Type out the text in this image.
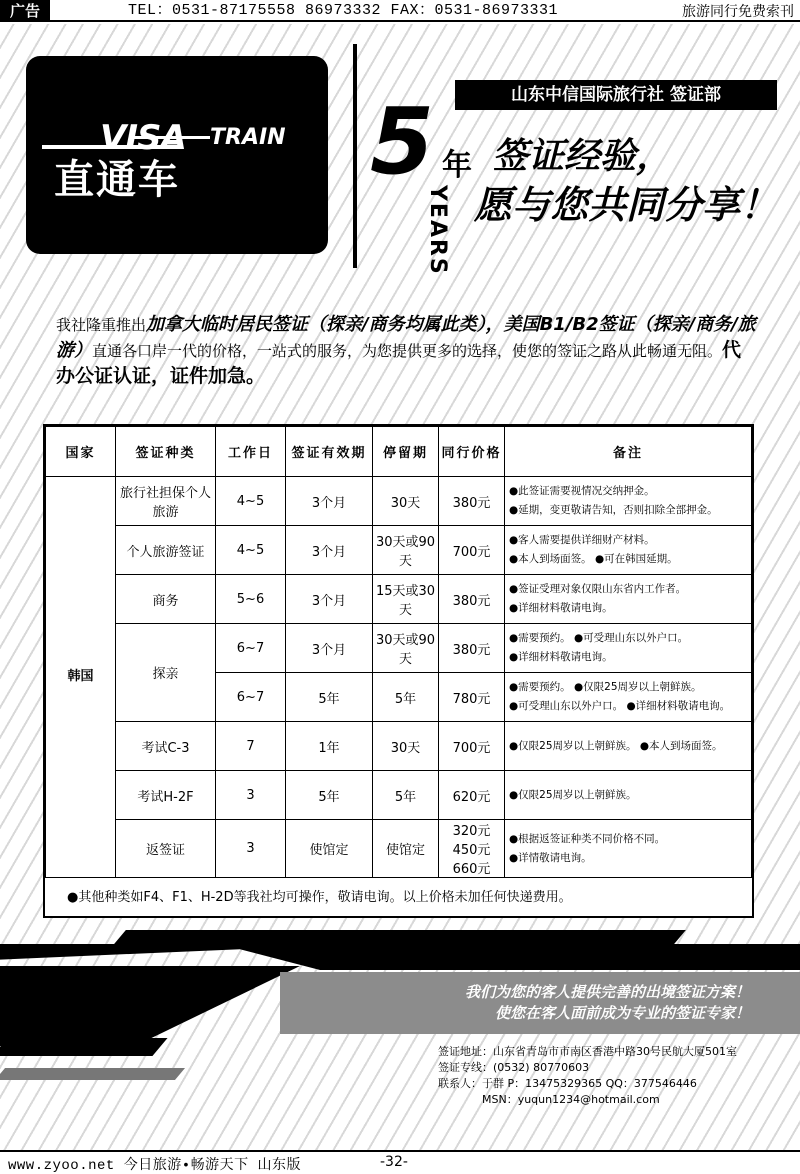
广告	TEL：0531-87175558 86973332 FAX：0531-86973331	旅游同行免费索刊
VISA TRAIN
直通车
山东中信国际旅行社 签证部
5 年
YEARS
签证经验，
愿与您共同分享！
我社隆重推出加拿大临时居民签证（探亲/商务均属此类），美国B1/B2签证（探亲/商务/旅游）直通各口岸一代的价格，一站式的服务，为您提供更多的选择，使您的签证之路从此畅通无阻。代办公证认证，证件加急。
国家	签证种类	工作日	签证有效期	停留期	同行价格	备注
韩国	旅行社担保个人旅游	4~5	3个月	30天	380元	●此签证需要视情况交纳押金。
●延期，变更敬请告知，否则扣除全部押金。

	个人旅游签证	4~5	3个月	30天或90天	700元	●客人需要提供详细财产材料。
●本人到场面签。 ●可在韩国延期。

	商务	5~6	3个月	15天或30天	380元	●签证受理对象仅限山东省内工作者。
●详细材料敬请电询。

	探亲	6~7	3个月	30天或90天	380元	●需要预约。 ●可受理山东以外户口。
●详细材料敬请电询。

		6~7	5年	5年	780元	●需要预约。 ●仅限25周岁以上朝鲜族。
●可受理山东以外户口。 ●详细材料敬请电询。

	考试C-3	7	1年	30天	700元	●仅限25周岁以上朝鲜族。 ●本人到场面签。

	考试H-2F	3	5年	5年	620元	●仅限25周岁以上朝鲜族。

	返签证	3	使馆定	使馆定	320元 450元 660元	●根据返签证种类不同价格不同。
●详情敬请电询。
●其他种类如F4、F1、H-2D等我社均可操作，敬请电询。以上价格未加任何快递费用。
我们为您的客人提供完善的出境签证方案！
使您在客人面前成为专业的签证专家！
签证地址：山东省青岛市市南区香港中路30号民航大厦501室
签证专线：(0532) 80770603
联系人：于群 P：13475329365 QQ：377546446
MSN：yuqun1234@hotmail.com
www.zyoo.net 今日旅游•畅游天下 山东版	-32-
